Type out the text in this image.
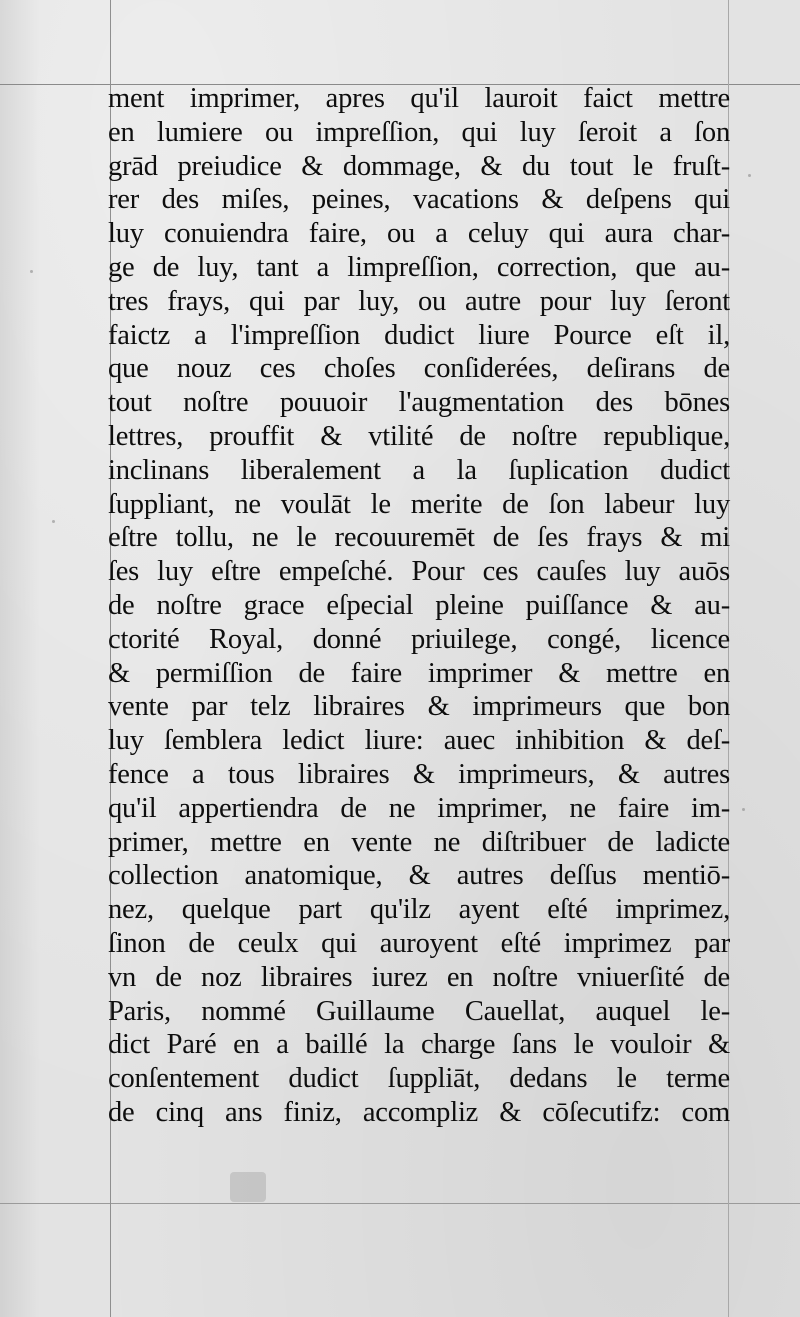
ment imprimer, apres qu'il lauroit faict mettre
en lumiere ou impreſſion, qui luy ſeroit a ſon
grād preiudice & dommage, & du tout le fruſt-
rer des miſes, peines, vacations & deſpens qui
luy conuiendra faire, ou a celuy qui aura char-
ge de luy, tant a limpreſſion, correction, que au-
tres frays, qui par luy, ou autre pour luy ſeront
faictz a l'impreſſion dudict liure Pource eſt il,
que nouz ces choſes conſiderées, deſirans de
tout noſtre pouuoir l'augmentation des bōnes
lettres, prouffit & vtilité de noſtre republique,
inclinans liberalement a la ſuplication dudict
ſuppliant, ne voulāt le merite de ſon labeur luy
eſtre tollu, ne le recouuremēt de ſes frays & mi
ſes luy eſtre empeſché. Pour ces cauſes luy auōs
de noſtre grace eſpecial pleine puiſſance & au-
ctorité Royal, donné priuilege, congé, licence
& permiſſion de faire imprimer & mettre en
vente par telz libraires & imprimeurs que bon
luy ſemblera ledict liure: auec inhibition & deſ-
fence a tous libraires & imprimeurs, & autres
qu'il appertiendra de ne imprimer, ne faire im-
primer, mettre en vente ne diſtribuer de ladicte
collection anatomique, & autres deſſus mentiō-
nez, quelque part qu'ilz ayent eſté imprimez,
ſinon de ceulx qui auroyent eſté imprimez par
vn de noz libraires iurez en noſtre vniuerſité de
Paris, nommé Guillaume Cauellat, auquel le-
dict Paré en a baillé la charge ſans le vouloir &
conſentement dudict ſuppliāt, dedans le terme
de cinq ans finiz, accompliz & cōſecutifz: com
